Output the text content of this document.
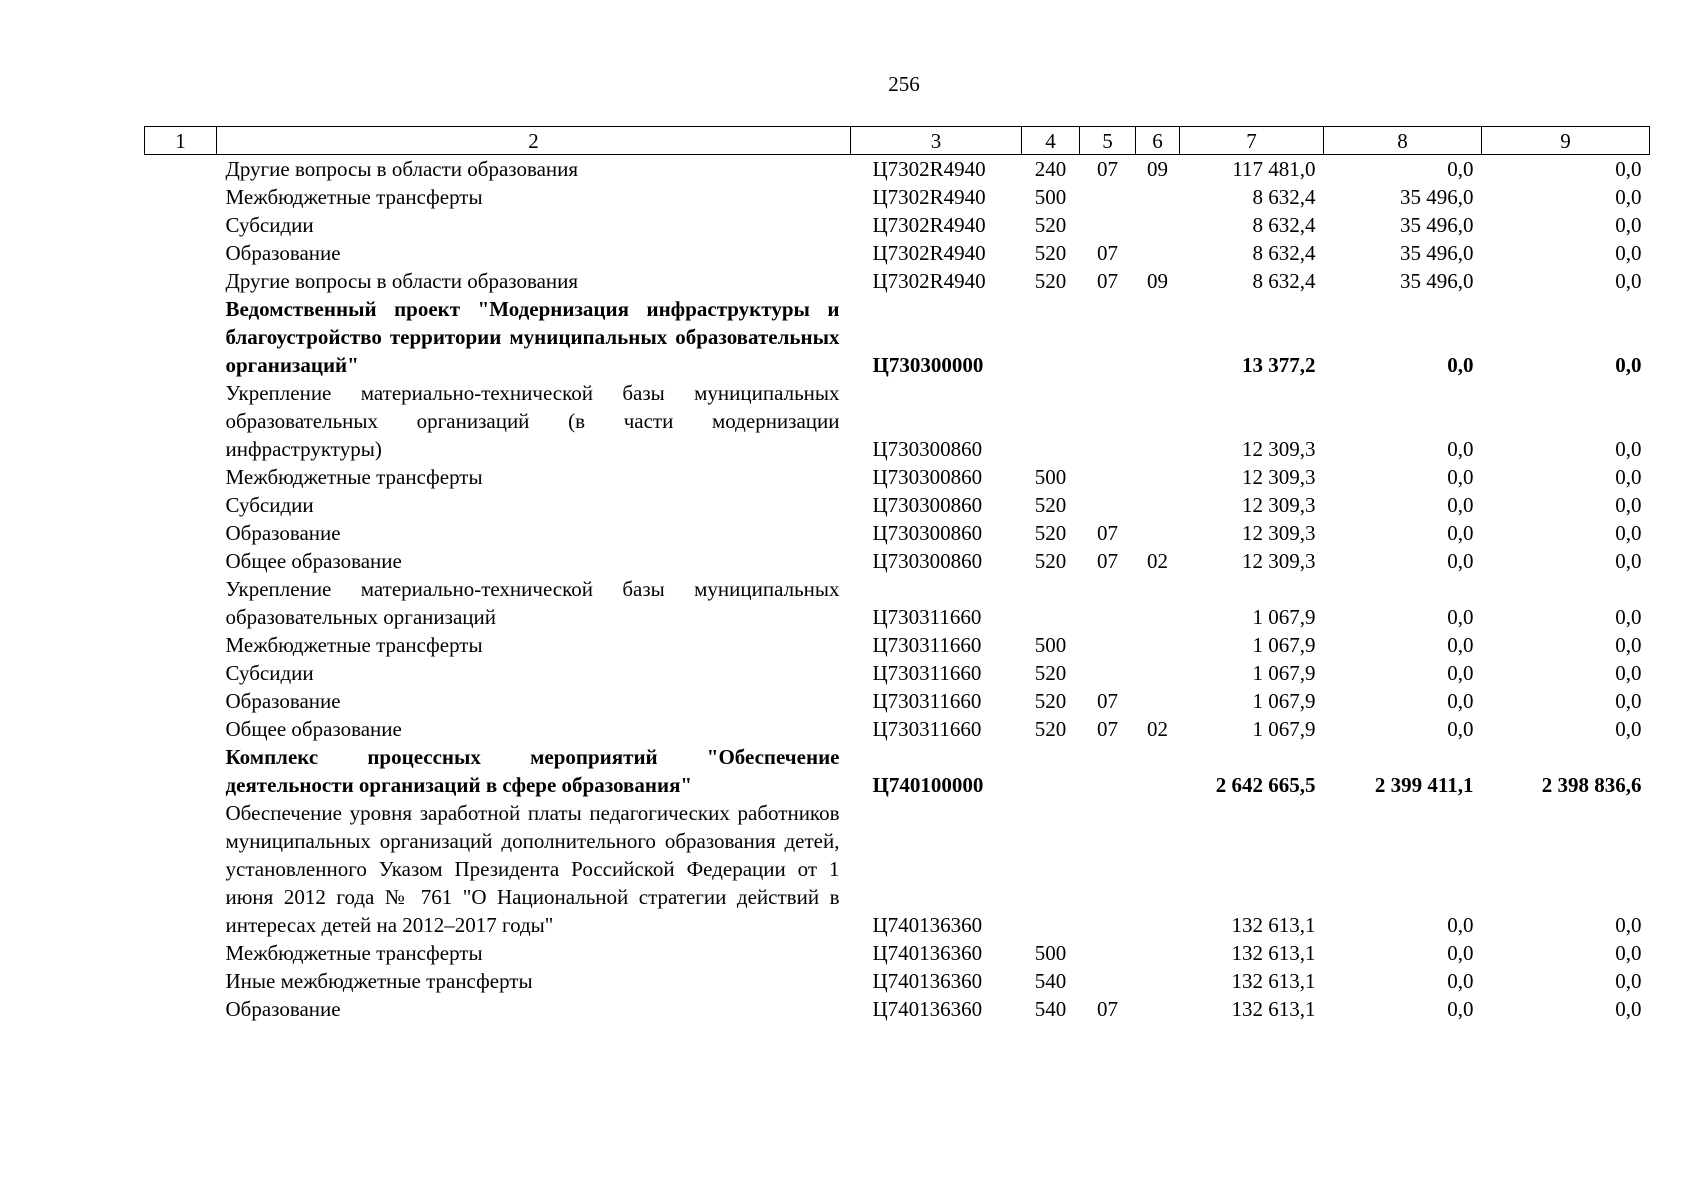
256
1	2	3	4	5	6	7	8	9
	Другие вопросы в области образования	Ц7302R4940	240	07	09	117 481,0	0,0	0,0
	Межбюджетные трансферты	Ц7302R4940	500			8 632,4	35 496,0	0,0
	Субсидии	Ц7302R4940	520			8 632,4	35 496,0	0,0
	Образование	Ц7302R4940	520	07		8 632,4	35 496,0	0,0
	Другие вопросы в области образования	Ц7302R4940	520	07	09	8 632,4	35 496,0	0,0
	Ведомственный проект "Модернизация инфраструктуры и благоустройство территории муниципальных образовательных организаций"	Ц730300000				13 377,2	0,0	0,0
	Укрепление материально-технической базы муниципальных образовательных организаций (в части модернизации инфраструктуры)	Ц730300860				12 309,3	0,0	0,0
	Межбюджетные трансферты	Ц730300860	500			12 309,3	0,0	0,0
	Субсидии	Ц730300860	520			12 309,3	0,0	0,0
	Образование	Ц730300860	520	07		12 309,3	0,0	0,0
	Общее образование	Ц730300860	520	07	02	12 309,3	0,0	0,0
	Укрепление материально-технической базы муниципальных образовательных организаций	Ц730311660				1 067,9	0,0	0,0
	Межбюджетные трансферты	Ц730311660	500			1 067,9	0,0	0,0
	Субсидии	Ц730311660	520			1 067,9	0,0	0,0
	Образование	Ц730311660	520	07		1 067,9	0,0	0,0
	Общее образование	Ц730311660	520	07	02	1 067,9	0,0	0,0
	Комплекс процессных мероприятий "Обеспечение деятельности организаций в сфере образования"	Ц740100000				2 642 665,5	2 399 411,1	2 398 836,6
	Обеспечение уровня заработной платы педагогических работников муниципальных организаций дополнительного образования детей, установленного Указом Президента Российской Федерации от 1 июня 2012 года № 761 "О Национальной стратегии действий в интересах детей на 2012–2017 годы"	Ц740136360				132 613,1	0,0	0,0
	Межбюджетные трансферты	Ц740136360	500			132 613,1	0,0	0,0
	Иные межбюджетные трансферты	Ц740136360	540			132 613,1	0,0	0,0
	Образование	Ц740136360	540	07		132 613,1	0,0	0,0
